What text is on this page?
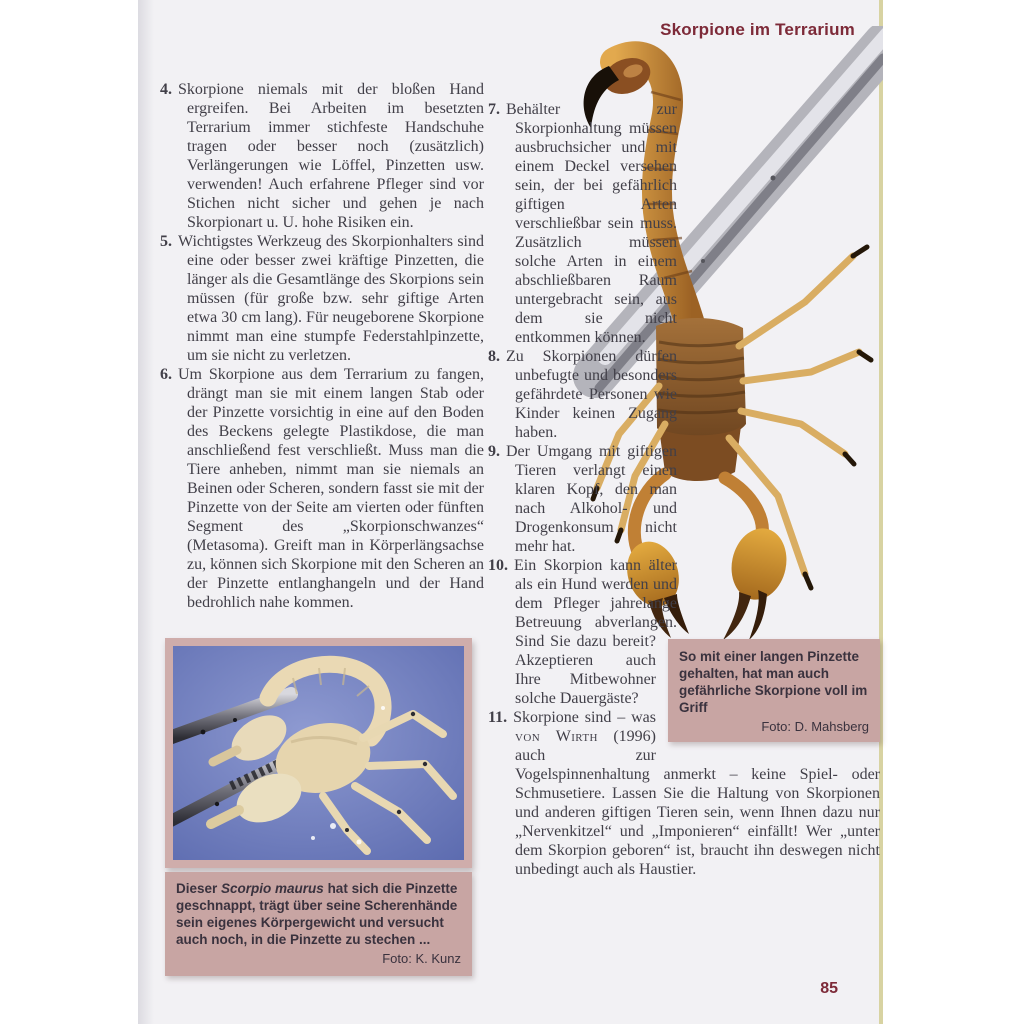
Skorpione im Terrarium
4. Skorpione niemals mit der bloßen Hand ergreifen. Bei Arbeiten im besetzten Terrarium immer stichfeste Handschuhe tragen oder besser noch (zusätzlich) Verlängerungen wie Löffel, Pinzetten usw. verwenden! Auch erfahrene Pfleger sind vor Stichen nicht sicher und gehen je nach Skorpionart u. U. hohe Risiken ein.
5. Wichtigstes Werkzeug des Skorpionhalters sind eine oder besser zwei kräftige Pinzetten, die länger als die Gesamtlänge des Skorpions sein müssen (für große bzw. sehr giftige Arten etwa 30 cm lang). Für neugeborene Skorpione nimmt man eine stumpfe Federstahlpinzette, um sie nicht zu verletzen.
6. Um Skorpione aus dem Terrarium zu fangen, drängt man sie mit einem langen Stab oder der Pinzette vorsichtig in eine auf den Boden des Beckens gelegte Plastikdose, die man anschließend fest verschließt. Muss man die Tiere anheben, nimmt man sie niemals an Beinen oder Scheren, sondern fasst sie mit der Pinzette von der Seite am vierten oder fünften Segment des „Skorpionschwanzes“ (Metasoma). Greift man in Körperlängsachse zu, können sich Skorpione mit den Scheren an der Pinzette entlanghangeln und der Hand bedrohlich nahe kommen.
So mit einer langen Pinzette gehalten, hat man auch gefährliche Skorpione voll im Griff
Foto: D. Mahsberg
7. Behälter zur Skorpionhaltung müssen ausbruchsicher und mit einem Deckel versehen sein, der bei gefährlich giftigen Arten verschließbar sein muss. Zusätzlich müssen solche Arten in einem abschließbaren Raum untergebracht sein, aus dem sie nicht entkommen können.
8. Zu Skorpionen dürfen unbefugte und besonders gefährdete Personen wie Kinder keinen Zugang haben.
9. Der Umgang mit giftigen Tieren verlangt einen klaren Kopf, den man nach Alkohol- und Drogenkonsum nicht mehr hat.
10. Ein Skorpion kann älter als ein Hund werden und dem Pfleger jahrelange Betreuung abverlangen. Sind Sie dazu bereit? Akzeptieren auch Ihre Mitbewohner solche Dauergäste?
11. Skorpione sind – was von Wirth (1996) auch zur Vogelspinnenhaltung anmerkt – keine Spiel- oder Schmusetiere. Lassen Sie die Haltung von Skorpionen und anderen giftigen Tieren sein, wenn Ihnen dazu nur „Nervenkitzel“ und „Imponieren“ einfällt! Wer „unter dem Skorpion geboren“ ist, braucht ihn deswegen nicht unbedingt auch als Haustier.
Dieser Scorpio maurus hat sich die Pinzette geschnappt, trägt über seine Scherenhände sein eigenes Körpergewicht und versucht auch noch, in die Pinzette zu stechen ...
Foto: K. Kunz
85
